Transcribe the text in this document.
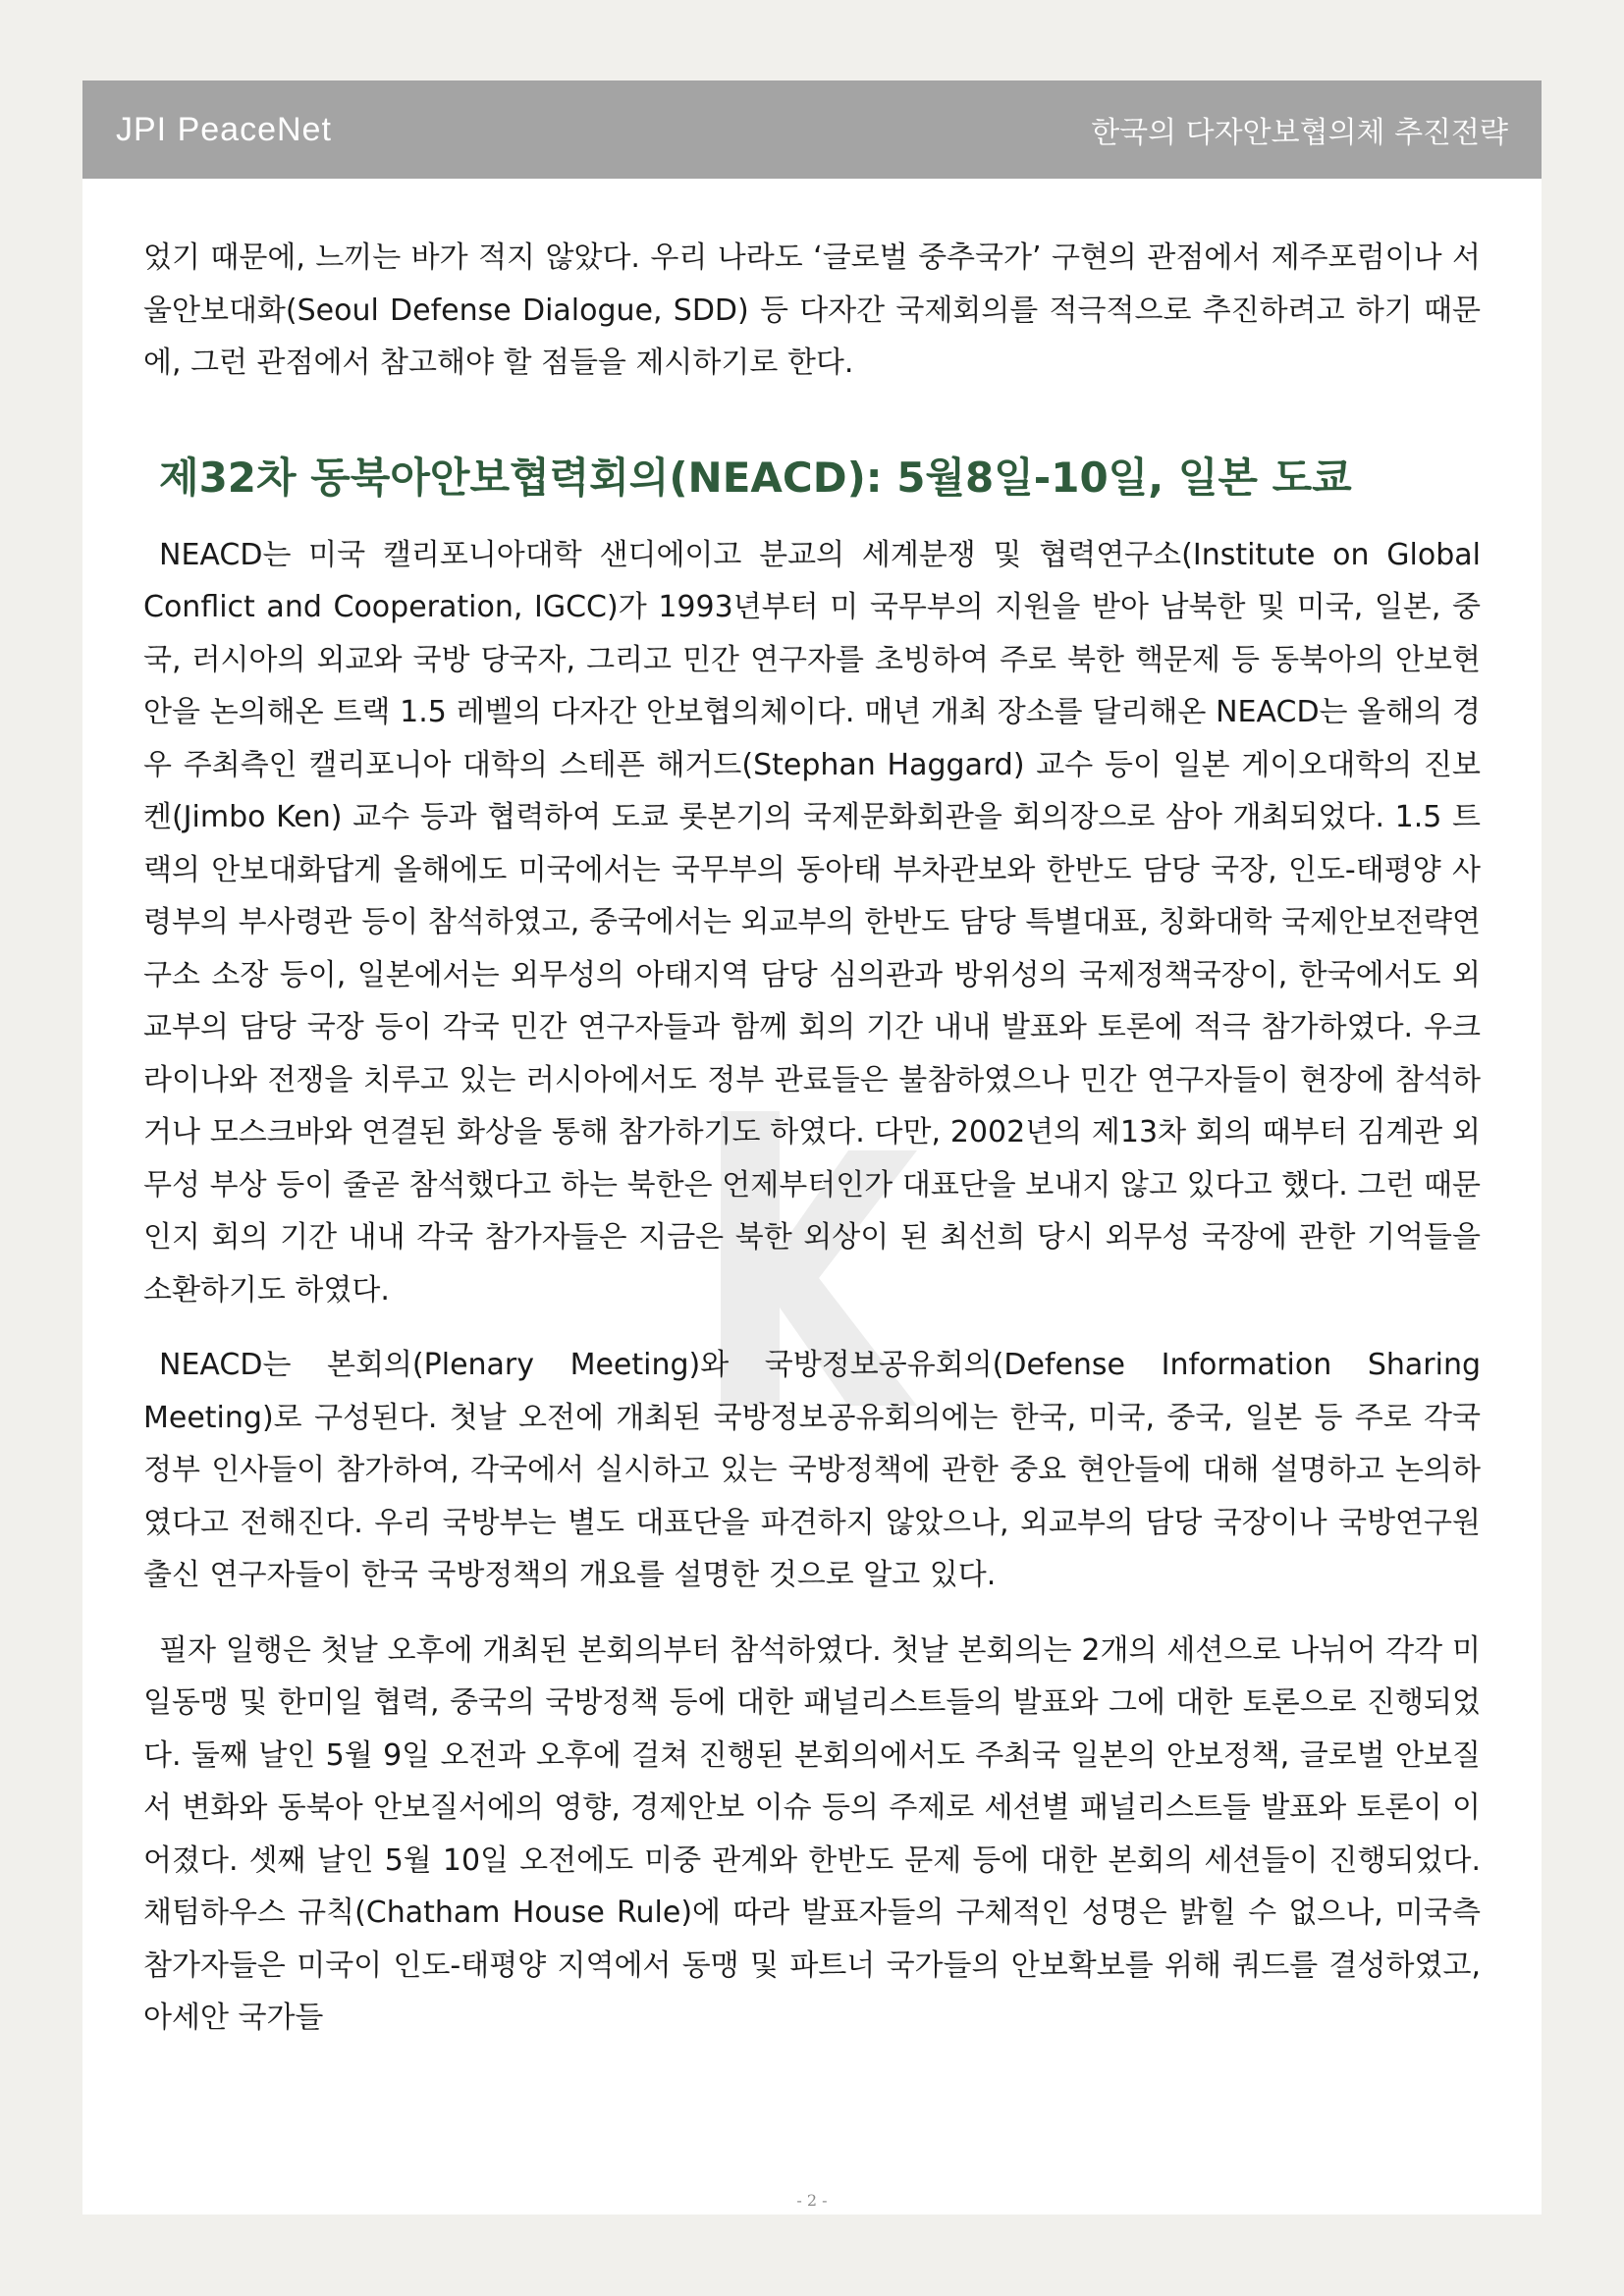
JPI PeaceNet	한국의 다자안보협의체 추진전략

었기 때문에, 느끼는 바가 적지 않았다. 우리 나라도 ‘글로벌 중추국가’ 구현의 관점에서 제주포럼이나 서울안보대화(Seoul Defense Dialogue, SDD) 등 다자간 국제회의를 적극적으로 추진하려고 하기 때문에, 그런 관점에서 참고해야 할 점들을 제시하기로 한다.

제32차 동북아안보협력회의(NEACD): 5월8일-10일, 일본 도쿄

NEACD는 미국 캘리포니아대학 샌디에이고 분교의 세계분쟁 및 협력연구소(Institute on Global Conflict and Cooperation, IGCC)가 1993년부터 미 국무부의 지원을 받아 남북한 및 미국, 일본, 중국, 러시아의 외교와 국방 당국자, 그리고 민간 연구자를 초빙하여 주로 북한 핵문제 등 동북아의 안보현안을 논의해온 트랙 1.5 레벨의 다자간 안보협의체이다. 매년 개최 장소를 달리해온 NEACD는 올해의 경우 주최측인 캘리포니아 대학의 스테픈 해거드(Stephan Haggard) 교수 등이 일본 게이오대학의 진보 켄(Jimbo Ken) 교수 등과 협력하여 도쿄 롯본기의 국제문화회관을 회의장으로 삼아 개최되었다. 1.5 트랙의 안보대화답게 올해에도 미국에서는 국무부의 동아태 부차관보와 한반도 담당 국장, 인도-태평양 사령부의 부사령관 등이 참석하였고, 중국에서는 외교부의 한반도 담당 특별대표, 칭화대학 국제안보전략연구소 소장 등이, 일본에서는 외무성의 아태지역 담당 심의관과 방위성의 국제정책국장이, 한국에서도 외교부의 담당 국장 등이 각국 민간 연구자들과 함께 회의 기간 내내 발표와 토론에 적극 참가하였다. 우크라이나와 전쟁을 치루고 있는 러시아에서도 정부 관료들은 불참하였으나 민간 연구자들이 현장에 참석하거나 모스크바와 연결된 화상을 통해 참가하기도 하였다. 다만, 2002년의 제13차 회의 때부터 김계관 외무성 부상 등이 줄곧 참석했다고 하는 북한은 언제부터인가 대표단을 보내지 않고 있다고 했다. 그런 때문인지 회의 기간 내내 각국 참가자들은 지금은 북한 외상이 된 최선희 당시 외무성 국장에 관한 기억들을 소환하기도 하였다.

NEACD는 본회의(Plenary Meeting)와 국방정보공유회의(Defense Information Sharing Meeting)로 구성된다. 첫날 오전에 개최된 국방정보공유회의에는 한국, 미국, 중국, 일본 등 주로 각국 정부 인사들이 참가하여, 각국에서 실시하고 있는 국방정책에 관한 중요 현안들에 대해 설명하고 논의하였다고 전해진다. 우리 국방부는 별도 대표단을 파견하지 않았으나, 외교부의 담당 국장이나 국방연구원 출신 연구자들이 한국 국방정책의 개요를 설명한 것으로 알고 있다.

필자 일행은 첫날 오후에 개최된 본회의부터 참석하였다. 첫날 본회의는 2개의 세션으로 나뉘어 각각 미일동맹 및 한미일 협력, 중국의 국방정책 등에 대한 패널리스트들의 발표와 그에 대한 토론으로 진행되었다. 둘째 날인 5월 9일 오전과 오후에 걸쳐 진행된 본회의에서도 주최국 일본의 안보정책, 글로벌 안보질서 변화와 동북아 안보질서에의 영향, 경제안보 이슈 등의 주제로 세션별 패널리스트들 발표와 토론이 이어졌다. 셋째 날인 5월 10일 오전에도 미중 관계와 한반도 문제 등에 대한 본회의 세션들이 진행되었다. 채텀하우스 규칙(Chatham House Rule)에 따라 발표자들의 구체적인 성명은 밝힐 수 없으나, 미국측 참가자들은 미국이 인도-태평양 지역에서 동맹 및 파트너 국가들의 안보확보를 위해 쿼드를 결성하였고, 아세안 국가들

- 2 -
